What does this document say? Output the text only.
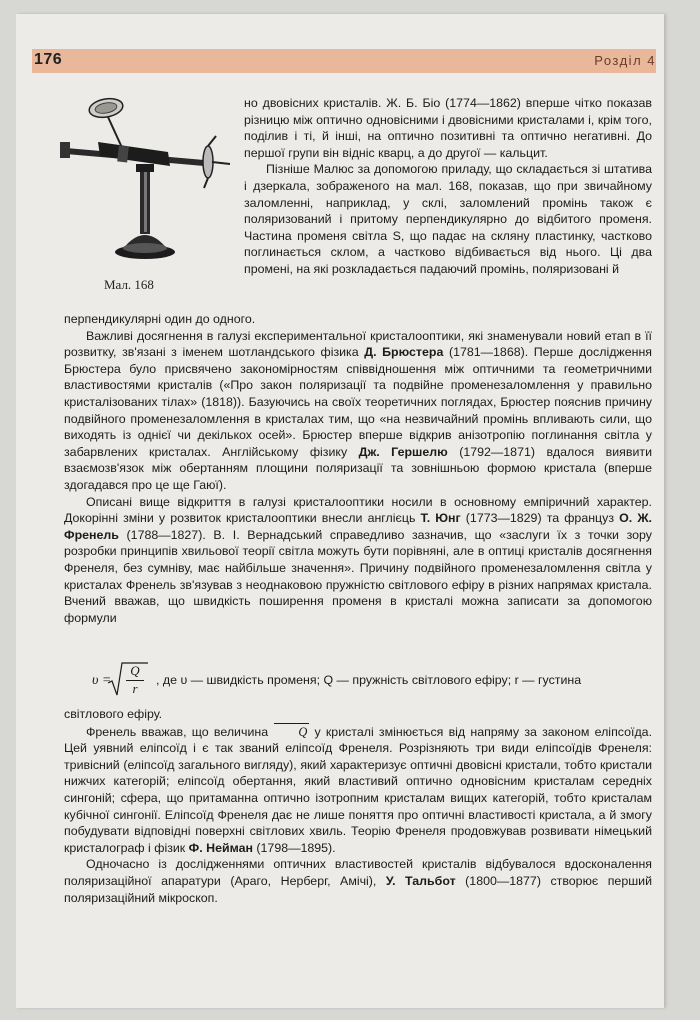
176	Розділ 4
Мал. 168

но двовісних кристалів. Ж. Б. Біо (1774—1862) вперше чітко показав різницю між оптично одновісними і двовісними кристалами і, крім того, поділив і ті, й інші, на оптично позитивні та оптично негативні. До першої групи він відніс кварц, а до другої — кальцит.

Пізніше Малюс за допомогою приладу, що складається зі штатива і дзеркала, зображеного на мал. 168, показав, що при звичайному заломленні, наприклад, у склі, заломлений промінь також є поляризований і притому перпендикулярно до відбитого променя. Частина променя світла S, що падає на скляну пластинку, частково поглинається склом, а частково відбивається від нього. Ці два промені, на які розкладається падаючий промінь, поляризовані й

перпендикулярні один до одного.

Важливі досягнення в галузі експериментальної кристалооптики, які знаменували новий етап в її розвитку, зв'язані з іменем шотландського фізика Д. Брюстера (1781—1868). Перше дослідження Брюстера було присвячено закономірностям співвідношення між оптичними та геометричними властивостями кристалів («Про закон поляризації та подвійне променезаломлення у правильно кристалізованих тілах» (1818)). Базуючись на своїх теоретичних поглядах, Брюстер пояснив причину подвійного променезаломлення в кристалах тим, що «на незвичайний промінь впливають сили, що виходять із однієї чи декількох осей». Брюстер вперше відкрив анізотропію поглинання світла у забарвлених кристалах. Англійському фізику Дж. Гершелю (1792—1871) вдалося виявити взаємозв'язок між обертанням площини поляризації та зовнішньою формою кристала (вперше здогадався про це ще Гаюї).

Описані вище відкриття в галузі кристалооптики носили в основному емпіричний характер. Докорінні зміни у розвиток кристалооптики внесли англієць Т. Юнг (1773—1829) та француз О. Ж. Френель (1788—1827). В. І. Вернадський справедливо зазначив, що «заслуги їх з точки зору розробки принципів хвильової теорії світла можуть бути порівняні, але в оптиці кристалів досягнення Френеля, без сумніву, має найбільше значення». Причину подвійного променезаломлення світла у кристалах Френель зв'язував з неоднаковою пружністю світлового ефіру в різних напрямах кристала. Вчений вважав, що швидкість поширення променя в кристалі можна записати за допомогою формули

υ =
Q
r
, де υ — швидкість променя; Q — пружність світлового ефіру; r — густина

світлового ефіру.

Френель вважав, що величина Q у кристалі змінюється від напряму за законом еліпсоїда. Цей уявний еліпсоїд і є так званий еліпсоїд Френеля. Розрізняють три види еліпсоїдів Френеля: тривісний (еліпсоїд загального вигляду), який характеризує оптичні двовісні кристали, тобто кристали нижчих категорій; еліпсоїд обертання, який властивий оптично одновісним кристалам середніх сингоній; сфера, що притаманна оптично ізотропним кристалам вищих категорій, тобто кристалам кубічної сингонії. Еліпсоїд Френеля дає не лише поняття про оптичні властивості кристала, а й змогу побудувати відповідні поверхні світлових хвиль. Теорію Френеля продовжував розвивати німецький кристалограф і фізик Ф. Нейман (1798—1895).

Одночасно із дослідженнями оптичних властивостей кристалів відбувалося вдосконалення поляризаційної апаратури (Араго, Нерберг, Амічі), У. Тальбот (1800—1877) створює перший поляризаційний мікроскоп.
